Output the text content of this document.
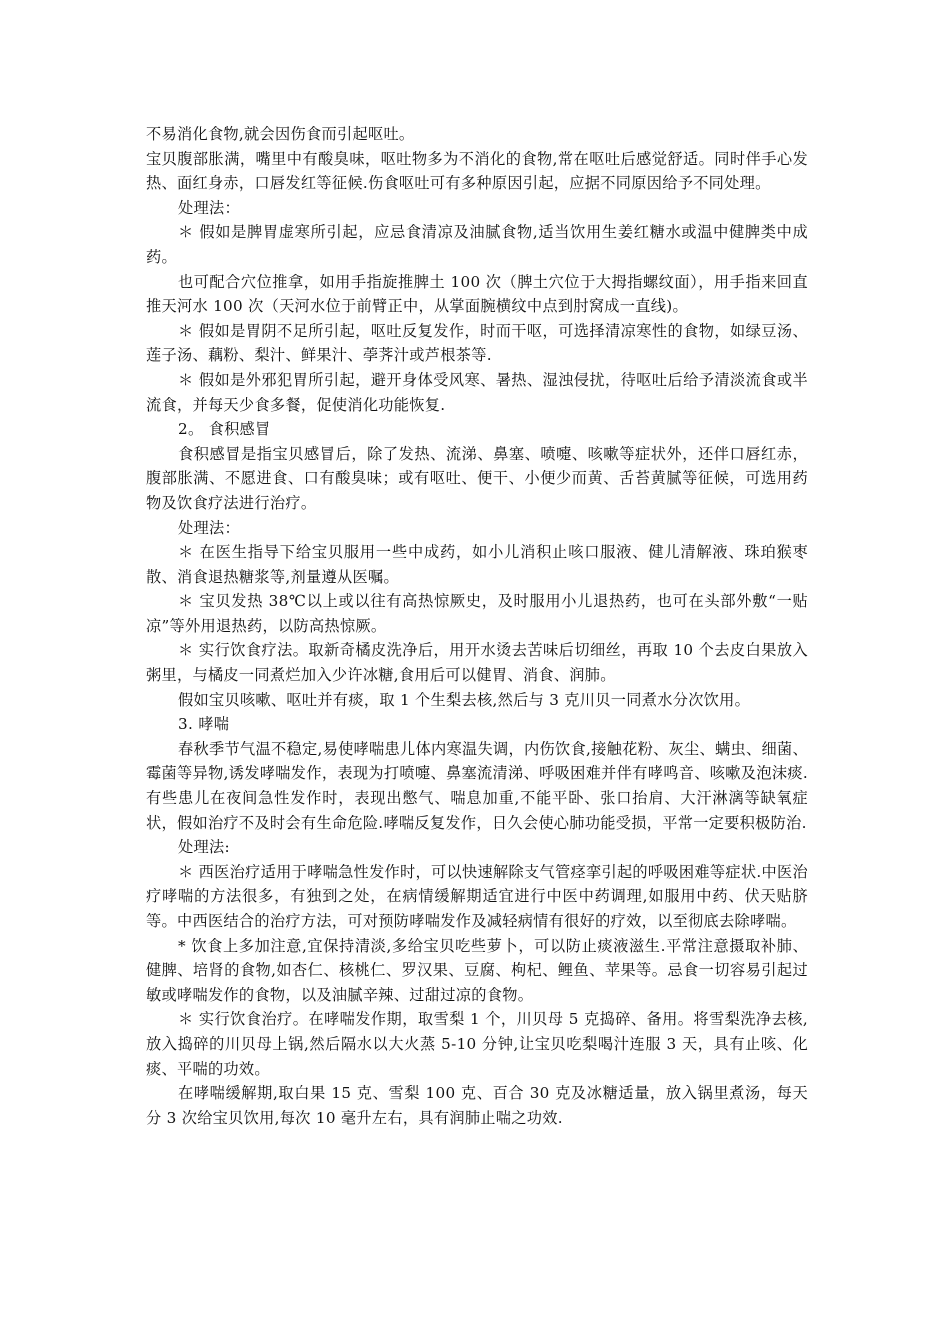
不易消化食物,就会因伤食而引起呕吐。

宝贝腹部胀满，嘴里中有酸臭味，呕吐物多为不消化的食物,常在呕吐后感觉舒适。同时伴手心发热、面红身赤，口唇发红等征候.伤食呕吐可有多种原因引起，应据不同原因给予不同处理。

处理法：

＊ 假如是脾胃虚寒所引起，应忌食清凉及油腻食物,适当饮用生姜红糖水或温中健脾类中成药。

也可配合穴位推拿，如用手指旋推脾土 100 次（脾土穴位于大拇指螺纹面），用手指来回直推天河水 100 次（天河水位于前臂正中，从掌面腕横纹中点到肘窝成一直线)。

＊ 假如是胃阴不足所引起，呕吐反复发作，时而干呕，可选择清凉寒性的食物，如绿豆汤、莲子汤、藕粉、梨汁、鲜果汁、荸荠汁或芦根茶等.

＊ 假如是外邪犯胃所引起，避开身体受风寒、暑热、湿浊侵扰，待呕吐后给予清淡流食或半流食，并每天少食多餐，促使消化功能恢复.

2。 食积感冒

食积感冒是指宝贝感冒后，除了发热、流涕、鼻塞、喷嚏、咳嗽等症状外，还伴口唇红赤，腹部胀满、不愿进食、口有酸臭味；或有呕吐、便干、小便少而黄、舌苔黄腻等征候，可选用药物及饮食疗法进行治疗。

处理法：

＊ 在医生指导下给宝贝服用一些中成药，如小儿消积止咳口服液、健儿清解液、珠珀猴枣散、消食退热糖浆等,剂量遵从医嘱。

＊ 宝贝发热 38℃以上或以往有高热惊厥史，及时服用小儿退热药，也可在头部外敷“一贴凉”等外用退热药，以防高热惊厥。

＊ 实行饮食疗法。取新奇橘皮洗净后，用开水烫去苦味后切细丝，再取 10 个去皮白果放入粥里，与橘皮一同煮烂加入少许冰糖,食用后可以健胃、消食、润肺。

假如宝贝咳嗽、呕吐并有痰，取 1 个生梨去核,然后与 3 克川贝一同煮水分次饮用。

3. 哮喘

春秋季节气温不稳定,易使哮喘患儿体内寒温失调，内伤饮食,接触花粉、灰尘、螨虫、细菌、霉菌等异物,诱发哮喘发作，表现为打喷嚏、鼻塞流清涕、呼吸困难并伴有哮鸣音、咳嗽及泡沫痰.有些患儿在夜间急性发作时，表现出憋气、喘息加重,不能平卧、张口抬肩、大汗淋漓等缺氧症状，假如治疗不及时会有生命危险.哮喘反复发作，日久会使心肺功能受损，平常一定要积极防治.

处理法:

＊ 西医治疗适用于哮喘急性发作时，可以快速解除支气管痉挛引起的呼吸困难等症状.中医治疗哮喘的方法很多，有独到之处，在病情缓解期适宜进行中医中药调理,如服用中药、伏天贴脐等。中西医结合的治疗方法，可对预防哮喘发作及减轻病情有很好的疗效，以至彻底去除哮喘。

* 饮食上多加注意,宜保持清淡,多给宝贝吃些萝卜，可以防止痰液滋生.平常注意摄取补肺、健脾、培肾的食物,如杏仁、核桃仁、罗汉果、豆腐、枸杞、鲤鱼、苹果等。忌食一切容易引起过敏或哮喘发作的食物，以及油腻辛辣、过甜过凉的食物。

＊ 实行饮食治疗。在哮喘发作期，取雪梨 1 个，川贝母 5 克捣碎、备用。将雪梨洗净去核,放入捣碎的川贝母上锅,然后隔水以大火蒸 5-10 分钟,让宝贝吃梨喝汁连服 3 天，具有止咳、化痰、平喘的功效。

在哮喘缓解期,取白果 15 克、雪梨 100 克、百合 30 克及冰糖适量，放入锅里煮汤，每天分 3 次给宝贝饮用,每次 10 毫升左右，具有润肺止喘之功效.
